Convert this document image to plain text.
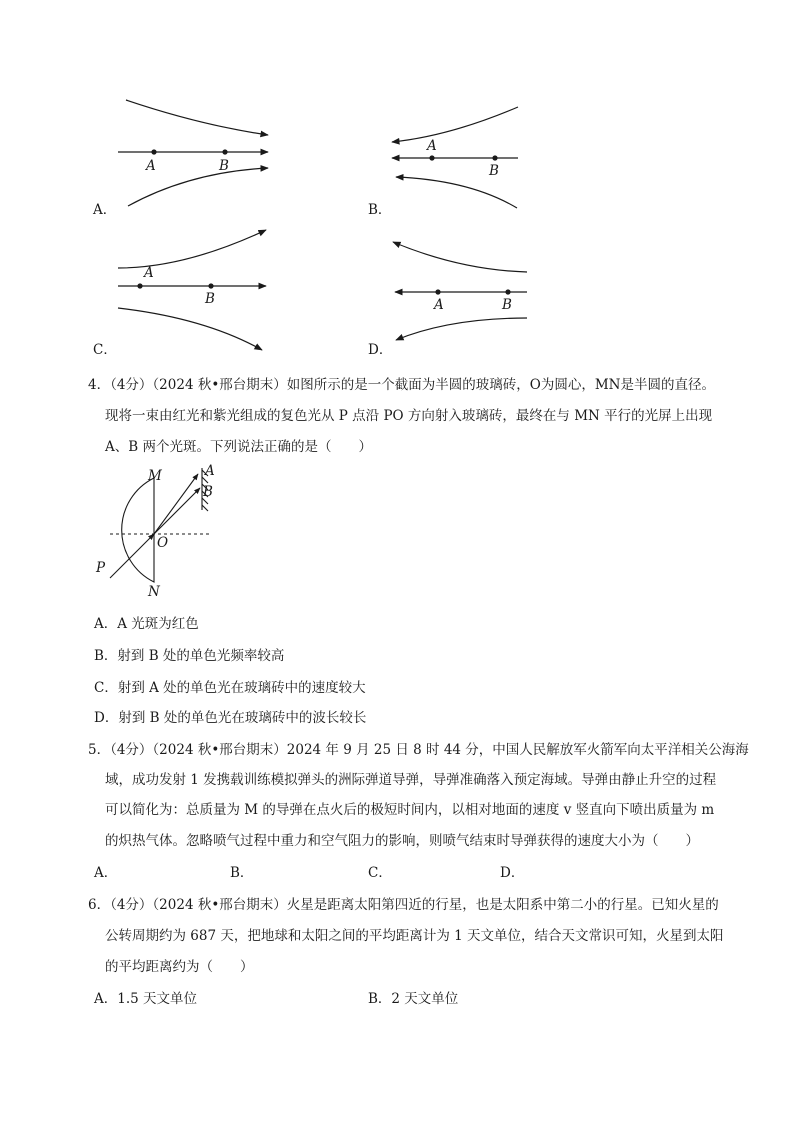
A	B
A
B
A
B	A	B
A．	B．
C．	D．
4．（4分）（2024 秋•邢台期末）如图所示的是一个截面为半圆的玻璃砖，O为圆心，MN是半圆的直径。
现将一束由红光和紫光组成的复色光从 P 点沿 PO 方向射入玻璃砖，最终在与 MN 平行的光屏上出现
A、B 两个光斑。下列说法正确的是（　　）
M
N
O
P
A
B
A．A 光斑为红色
B．射到 B 处的单色光频率较高
C．射到 A 处的单色光在玻璃砖中的速度较大
D．射到 B 处的单色光在玻璃砖中的波长较长
5．（4分）（2024 秋•邢台期末）2024 年 9 月 25 日 8 时 44 分，中国人民解放军火箭军向太平洋相关公海海
域，成功发射 1 发携载训练模拟弹头的洲际弹道导弹，导弹准确落入预定海域。导弹由静止升空的过程
可以简化为：总质量为 M 的导弹在点火后的极短时间内，以相对地面的速度 v 竖直向下喷出质量为 m
的炽热气体。忽略喷气过程中重力和空气阻力的影响，则喷气结束时导弹获得的速度大小为（　　）
A．	B．	C．	D．
6．（4分）（2024 秋•邢台期末）火星是距离太阳第四近的行星，也是太阳系中第二小的行星。已知火星的
公转周期约为 687 天，把地球和太阳之间的平均距离计为 1 天文单位，结合天文常识可知，火星到太阳
的平均距离约为（　　）
A．1.5 天文单位	B．2 天文单位
